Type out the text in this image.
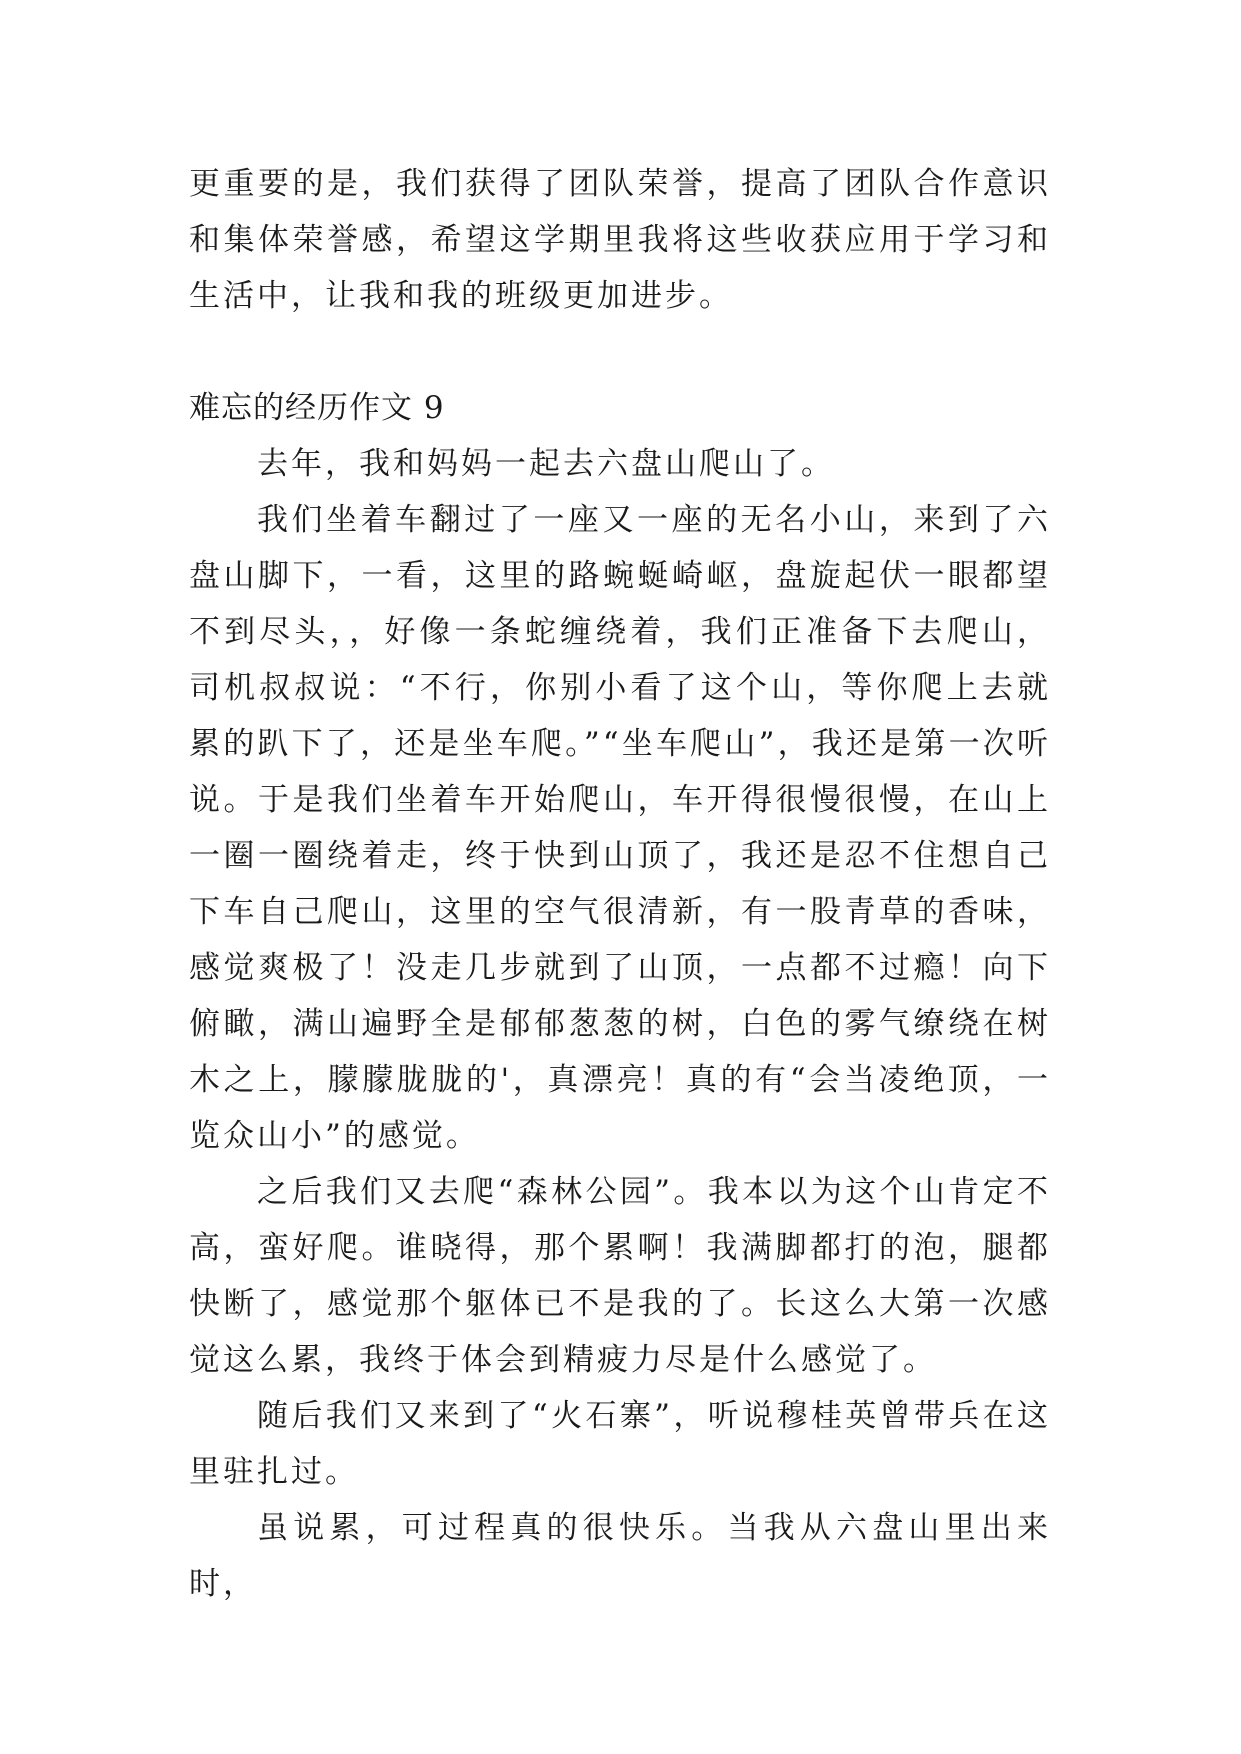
更重要的是，我们获得了团队荣誉，提高了团队合作意识和集体荣誉感，希望这学期里我将这些收获应用于学习和生活中，让我和我的班级更加进步。

难忘的经历作文 9

去年，我和妈妈一起去六盘山爬山了。

我们坐着车翻过了一座又一座的无名小山，来到了六盘山脚下，一看，这里的路蜿蜒崎岖，盘旋起伏一眼都望不到尽头，，好像一条蛇缠绕着，我们正准备下去爬山，司机叔叔说：“不行，你别小看了这个山，等你爬上去就累的趴下了，还是坐车爬。”“坐车爬山”，我还是第一次听说。于是我们坐着车开始爬山，车开得很慢很慢，在山上一圈一圈绕着走，终于快到山顶了，我还是忍不住想自己下车自己爬山，这里的空气很清新，有一股青草的香味，感觉爽极了！没走几步就到了山顶，一点都不过瘾！向下俯瞰，满山遍野全是郁郁葱葱的树，白色的雾气缭绕在树木之上，朦朦胧胧的'，真漂亮！真的有“会当凌绝顶，一览众山小”的感觉。

之后我们又去爬“森林公园”。我本以为这个山肯定不高，蛮好爬。谁晓得，那个累啊！我满脚都打的泡，腿都快断了，感觉那个躯体已不是我的了。长这么大第一次感觉这么累，我终于体会到精疲力尽是什么感觉了。

随后我们又来到了“火石寨”，听说穆桂英曾带兵在这里驻扎过。

虽说累，可过程真的很快乐。当我从六盘山里出来时，
